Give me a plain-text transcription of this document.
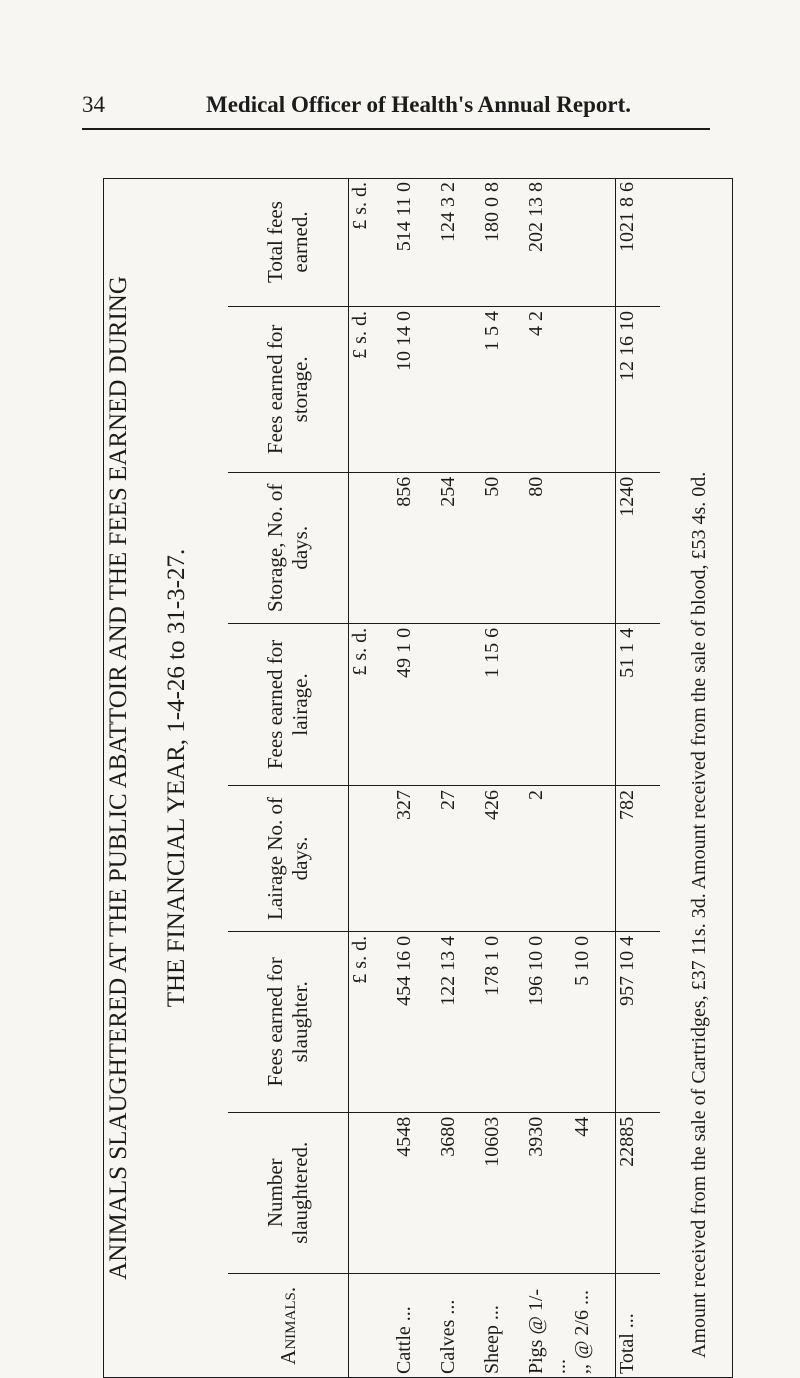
34	Medical Officer of Health's Annual Report.
ANIMALS SLAUGHTERED AT THE PUBLIC ABATTOIR AND THE FEES EARNED DURING THE FINANCIAL YEAR, 1-4-26 to 31-3-27.
Animals.	Number slaughtered.	Fees earned for slaughter.	Lairage No. of days.	Fees earned for lairage.	Storage, No. of days.	Fees earned for storage.	Total fees earned.
		£ s. d.		£ s. d.		£ s. d.	£ s. d.
Cattle ...	4548	454 16 0	327	49 1 0	856	10 14 0	514 11 0
Calves ...	3680	122 13 4	27		254		124 3 2
Sheep ...	10603	178 1 0	426	1 15 6	50	1 5 4	180 0 8
Pigs @ 1/- ...	3930	196 10 0	2		80	4 2	202 13 8
,, @ 2/6 ...	44	5 10 0					
Total ...	22885	957 10 4	782	51 1 4	1240	12 16 10	1021 8 6
Amount received from the sale of Cartridges, £37 11s. 3d. Amount received from the sale of blood, £53 4s. 0d.
